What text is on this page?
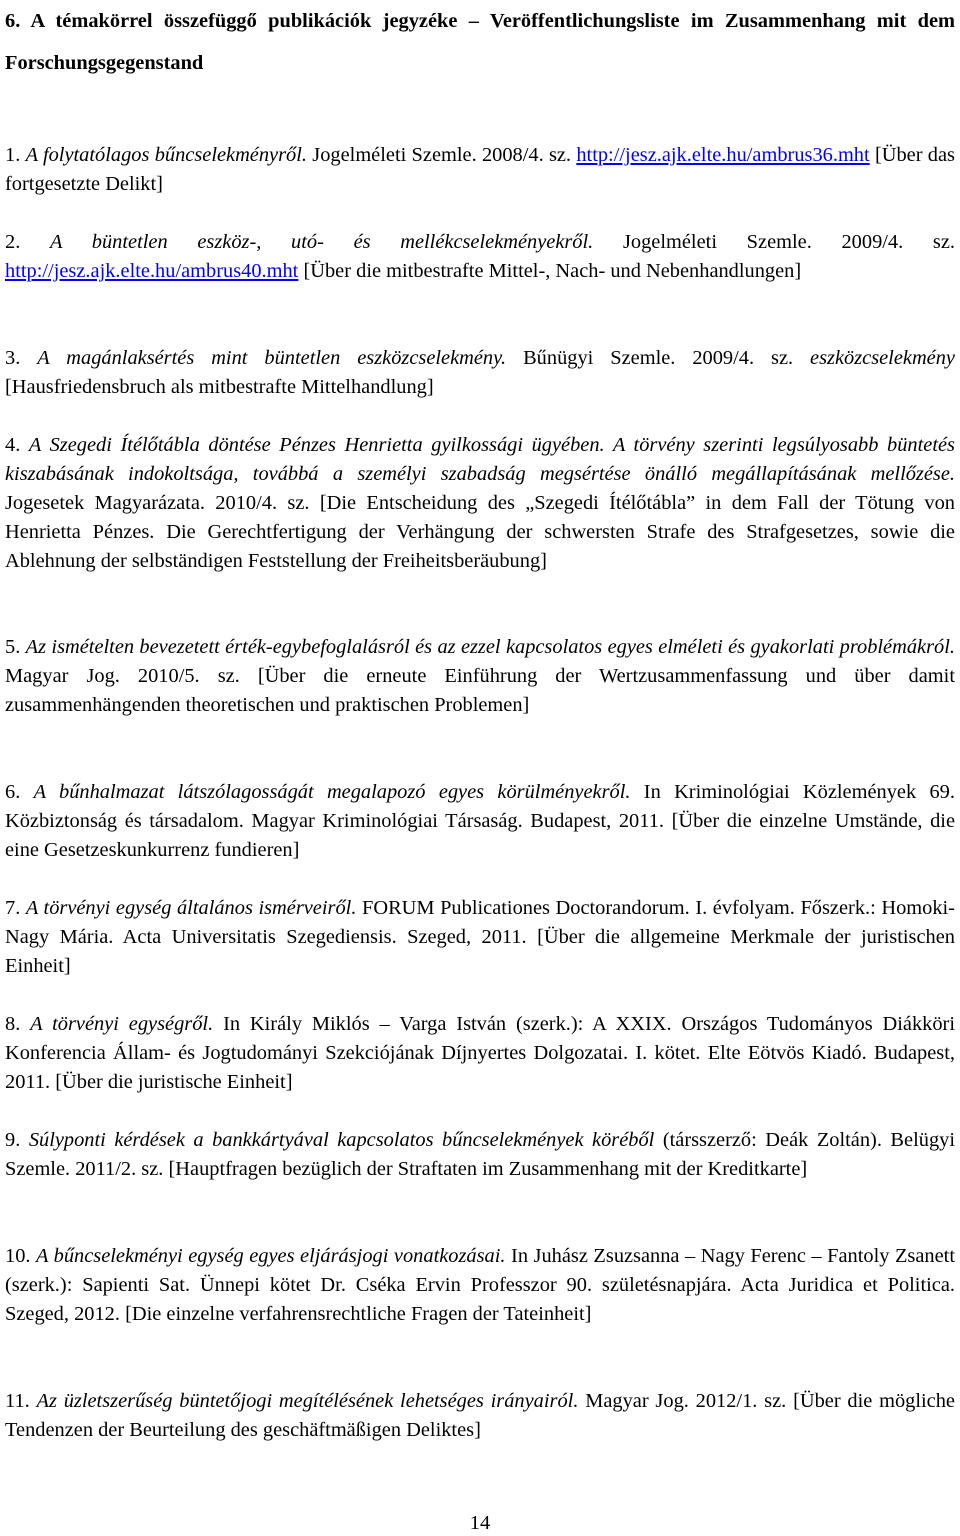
6. A témakörrel összefüggő publikációk jegyzéke – Veröffentlichungsliste im Zusammenhang mit dem Forschungsgegenstand
1. A folytatólagos bűncselekményről. Jogelméleti Szemle. 2008/4. sz. http://jesz.ajk.elte.hu/ambrus36.mht [Über das fortgesetzte Delikt]
2. A büntetlen eszköz-, utó- és mellékcselekményekről. Jogelméleti Szemle. 2009/4. sz. http://jesz.ajk.elte.hu/ambrus40.mht [Über die mitbestrafte Mittel-, Nach- und Nebenhandlungen]
3. A magánlaksértés mint büntetlen eszközcselekmény. Bűnügyi Szemle. 2009/4. sz. eszközcselekmény [Hausfriedensbruch als mitbestrafte Mittelhandlung]
4. A Szegedi Ítélőtábla döntése Pénzes Henrietta gyilkossági ügyében. A törvény szerinti legsúlyosabb büntetés kiszabásának indokoltsága, továbbá a személyi szabadság megsértése önálló megállapításának mellőzése. Jogesetek Magyarázata. 2010/4. sz. [Die Entscheidung des „Szegedi Ítélőtábla” in dem Fall der Tötung von Henrietta Pénzes. Die Gerechtfertigung der Verhängung der schwersten Strafe des Strafgesetzes, sowie die Ablehnung der selbständigen Feststellung der Freiheitsberäubung]
5. Az ismételten bevezetett érték-egybefoglalásról és az ezzel kapcsolatos egyes elméleti és gyakorlati problémákról. Magyar Jog. 2010/5. sz. [Über die erneute Einführung der Wertzusammenfassung und über damit zusammenhängenden theoretischen und praktischen Problemen]
6. A bűnhalmazat látszólagosságát megalapozó egyes körülményekről. In Kriminológiai Közlemények 69. Közbiztonság és társadalom. Magyar Kriminológiai Társaság. Budapest, 2011. [Über die einzelne Umstände, die eine Gesetzeskunkurrenz fundieren]
7. A törvényi egység általános ismérveiről. FORUM Publicationes Doctorandorum. I. évfolyam. Főszerk.: Homoki-Nagy Mária. Acta Universitatis Szegediensis. Szeged, 2011. [Über die allgemeine Merkmale der juristischen Einheit]
8. A törvényi egységről. In Király Miklós – Varga István (szerk.): A XXIX. Országos Tudományos Diákköri Konferencia Állam- és Jogtudományi Szekciójának Díjnyertes Dolgozatai. I. kötet. Elte Eötvös Kiadó. Budapest, 2011. [Über die juristische Einheit]
9. Súlyponti kérdések a bankkártyával kapcsolatos bűncselekmények köréből (társszerző: Deák Zoltán). Belügyi Szemle. 2011/2. sz. [Hauptfragen bezüglich der Straftaten im Zusammenhang mit der Kreditkarte]
10. A bűncselekményi egység egyes eljárásjogi vonatkozásai. In Juhász Zsuzsanna – Nagy Ferenc – Fantoly Zsanett (szerk.): Sapienti Sat. Ünnepi kötet Dr. Cséka Ervin Professzor 90. születésnapjára. Acta Juridica et Politica. Szeged, 2012. [Die einzelne verfahrensrechtliche Fragen der Tateinheit]
11. Az üzletszerűség büntetőjogi megítélésének lehetséges irányairól. Magyar Jog. 2012/1. sz. [Über die mögliche Tendenzen der Beurteilung des geschäftmäßigen Deliktes]
14
